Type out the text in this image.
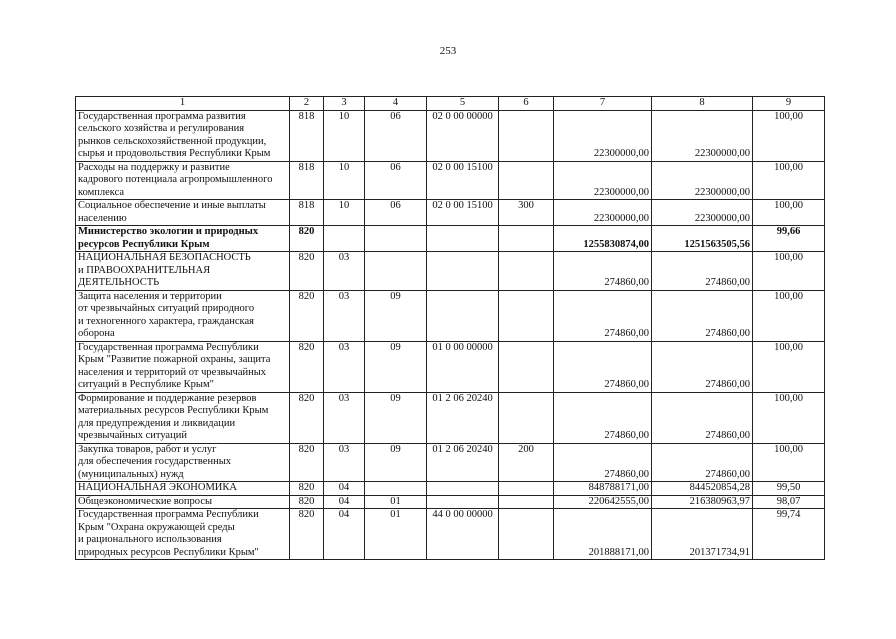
253
1	2	3	4	5	6	7	8	9
Государственная программа развития
сельского хозяйства и регулирования
рынков сельскохозяйственной продукции,
сырья и продовольствия Республики Крым	818	10	06	02 0 00 00000		22300000,00	22300000,00	100,00
Расходы на поддержку и развитие
кадрового потенциала агропромышленного
комплекса	818	10	06	02 0 00 15100		22300000,00	22300000,00	100,00
Социальное обеспечение и иные выплаты
населению	818	10	06	02 0 00 15100	300	22300000,00	22300000,00	100,00
Министерство экологии и природных
ресурсов Республики Крым	820					1255830874,00	1251563505,56	99,66
НАЦИОНАЛЬНАЯ БЕЗОПАСНОСТЬ
и ПРАВООХРАНИТЕЛЬНАЯ
ДЕЯТЕЛЬНОСТЬ	820	03				274860,00	274860,00	100,00
Защита населения и территории
от чрезвычайных ситуаций природного
и техногенного характера, гражданская
оборона	820	03	09			274860,00	274860,00	100,00
Государственная программа Республики
Крым "Развитие пожарной охраны, защита
населения и территорий от чрезвычайных
ситуаций в Республике Крым"	820	03	09	01 0 00 00000		274860,00	274860,00	100,00
Формирование и поддержание резервов
материальных ресурсов Республики Крым
для предупреждения и ликвидации
чрезвычайных ситуаций	820	03	09	01 2 06 20240		274860,00	274860,00	100,00
Закупка товаров, работ и услуг
для обеспечения государственных
(муниципальных) нужд	820	03	09	01 2 06 20240	200	274860,00	274860,00	100,00
НАЦИОНАЛЬНАЯ ЭКОНОМИКА	820	04				848788171,00	844520854,28	99,50
Общеэкономические вопросы	820	04	01			220642555,00	216380963,97	98,07
Государственная программа Республики
Крым "Охрана окружающей среды
и рационального использования
природных ресурсов Республики Крым"	820	04	01	44 0 00 00000		201888171,00	201371734,91	99,74
